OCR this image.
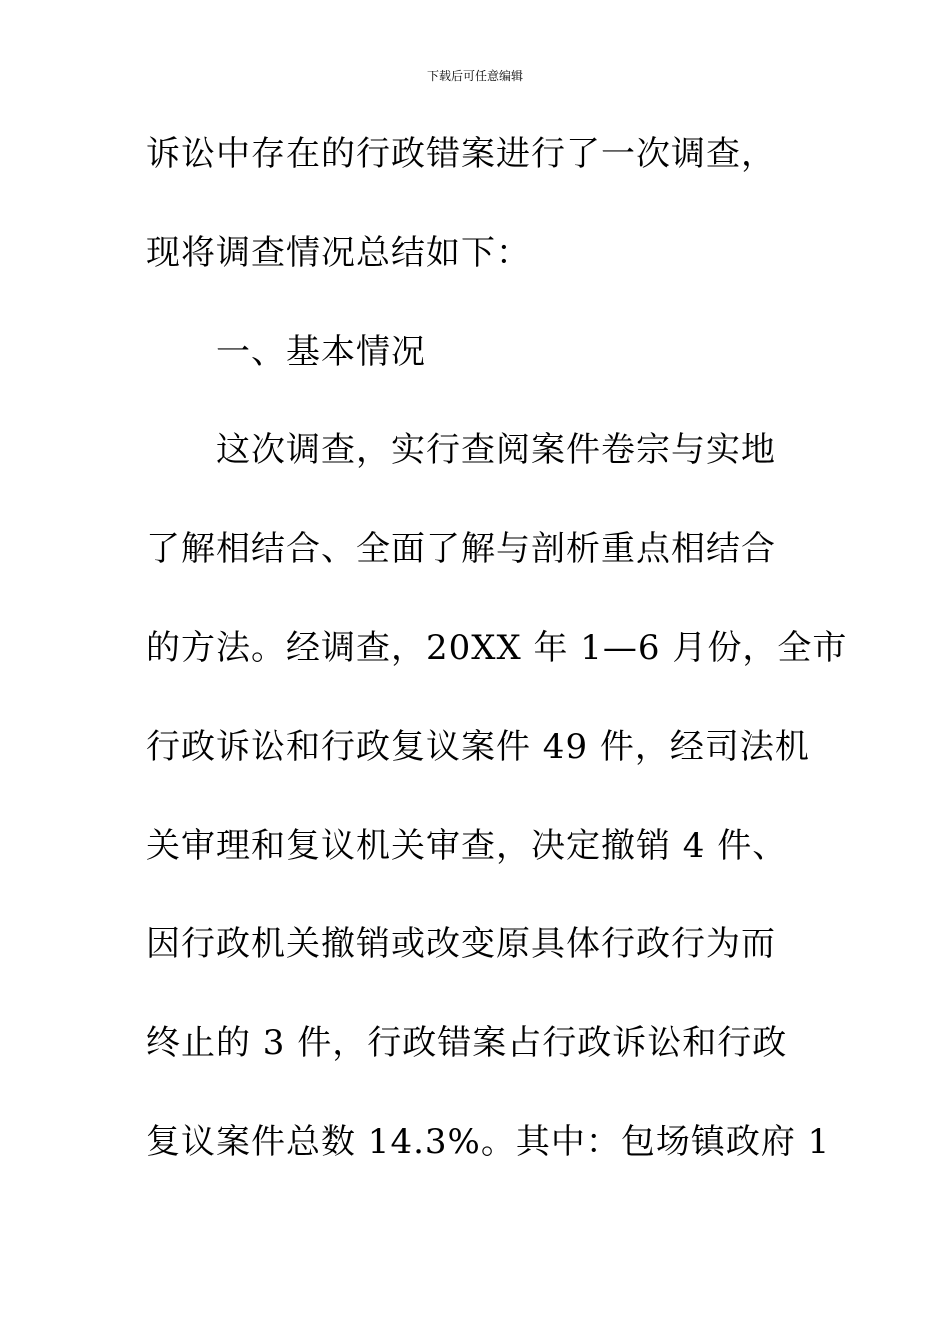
下载后可任意编辑
诉讼中存在的行政错案进行了一次调查，
现将调查情况总结如下：
一、基本情况
这次调查，实行查阅案件卷宗与实地
了解相结合、全面了解与剖析重点相结合
的方法。经调查，20XX 年 1—6 月份，全市
行政诉讼和行政复议案件 49 件，经司法机
关审理和复议机关审查，决定撤销 4 件、
因行政机关撤销或改变原具体行政行为而
终止的 3 件，行政错案占行政诉讼和行政
复议案件总数 14.3%。其中：包场镇政府 1
